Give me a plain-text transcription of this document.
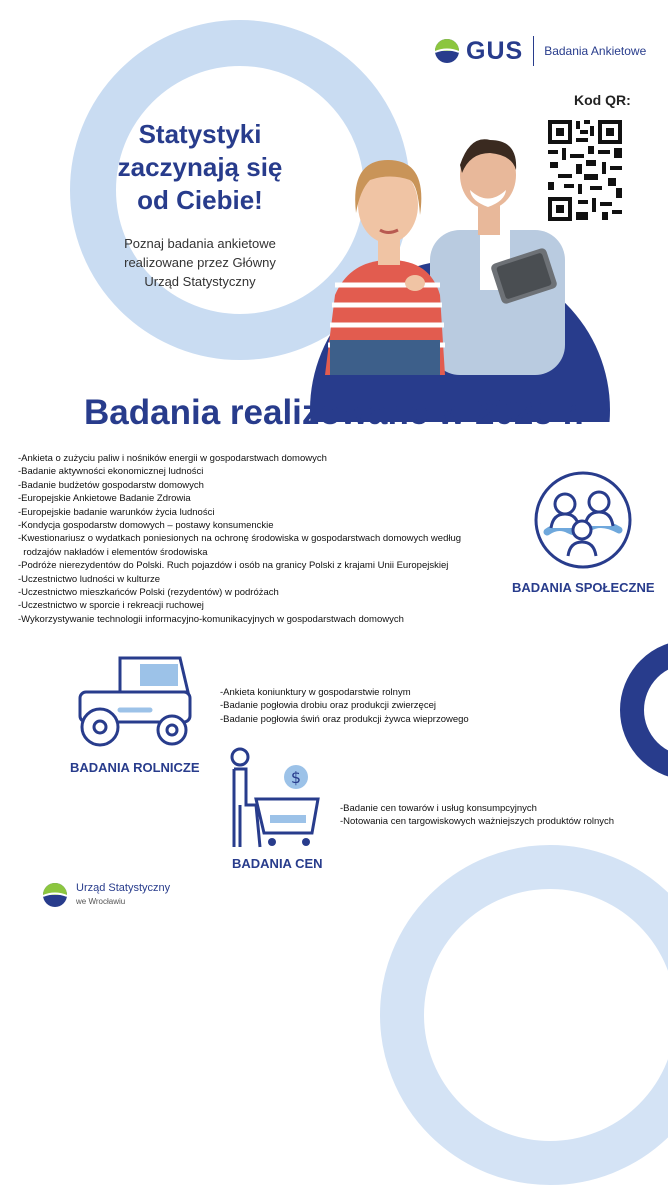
GUS Badania Ankietowe
Statystyki
zaczynają się
od Ciebie!
Poznaj badania ankietowe
realizowane przez Główny
Urząd Statystyczny
Kod QR:
Badania realizowane w 2025 r.
-Ankieta o zużyciu paliw i nośników energii w gospodarstwach domowych
-Badanie aktywności ekonomicznej ludności
-Badanie budżetów gospodarstw domowych
-Europejskie Ankietowe Badanie Zdrowia
-Europejskie badanie warunków życia ludności
-Kondycja gospodarstw domowych – postawy konsumenckie
-Kwestionariusz o wydatkach poniesionych na ochronę środowiska w gospodarstwach domowych według
rodzajów nakładów i elementów środowiska
-Podróże nierezydentów do Polski. Ruch pojazdów i osób na granicy Polski z krajami Unii Europejskiej
-Uczestnictwo ludności w kulturze
-Uczestnictwo mieszkańców Polski (rezydentów) w podróżach
-Uczestnictwo w sporcie i rekreacji ruchowej
-Wykorzystywanie technologii informacyjno-komunikacyjnych w gospodarstwach domowych
BADANIA SPOŁECZNE
BADANIA ROLNICZE
-Ankieta koniunktury w gospodarstwie rolnym
-Badanie pogłowia drobiu oraz produkcji zwierzęcej
-Badanie pogłowia świń oraz produkcji żywca wieprzowego
$
BADANIA CEN
-Badanie cen towarów i usług konsumpcyjnych
-Notowania cen targowiskowych ważniejszych produktów rolnych
Urząd Statystyczny
we Wrocławiu
